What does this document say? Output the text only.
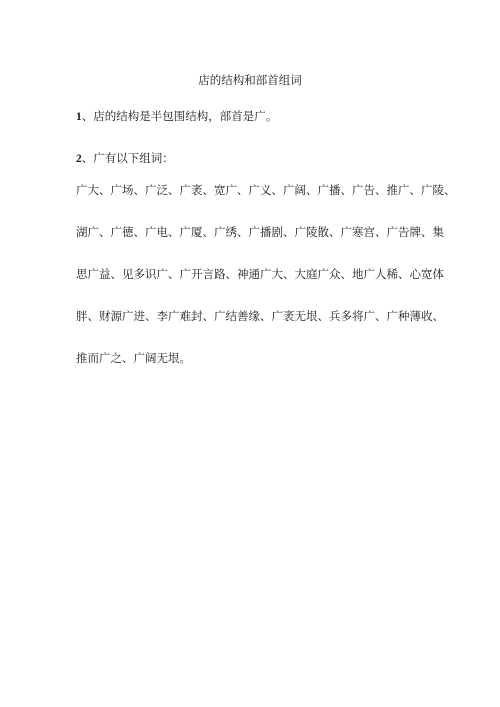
店的结构和部首组词
1、店的结构是半包围结构，部首是广。
2、广有以下组词：
广大、广场、广泛、广袤、宽广、广义、广阔、广播、广告、推广、广陵、
湖广、广德、广电、广厦、广绣、广播剧、广陵散、广寒宫、广告牌、集
思广益、见多识广、广开言路、神通广大、大庭广众、地广人稀、心宽体
胖、财源广进、李广难封、广结善缘、广袤无垠、兵多将广、广种薄收、
推而广之、广阔无垠。
